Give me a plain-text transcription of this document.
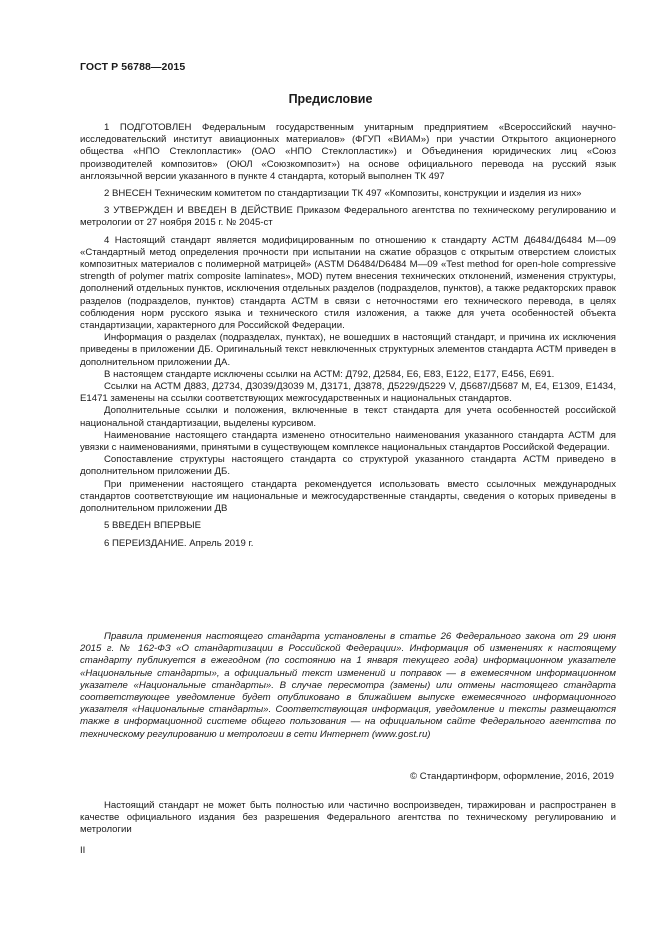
ГОСТ Р 56788—2015
Предисловие

1 ПОДГОТОВЛЕН Федеральным государственным унитарным предприятием «Всероссийский научно-исследовательский институт авиационных материалов» (ФГУП «ВИАМ») при участии Открытого акционерного общества «НПО Стеклопластик» (ОАО «НПО Стеклопластик») и Объединения юридических лиц «Союз производителей композитов» (ОЮЛ «Союзкомпозит») на основе официального перевода на русский язык англоязычной версии указанного в пункте 4 стандарта, который выполнен ТК 497

2 ВНЕСЕН Техническим комитетом по стандартизации ТК 497 «Композиты, конструкции и изделия из них»

3 УТВЕРЖДЕН И ВВЕДЕН В ДЕЙСТВИЕ Приказом Федерального агентства по техническому регулированию и метрологии от 27 ноября 2015 г. № 2045-ст

4 Настоящий стандарт является модифицированным по отношению к стандарту АСТМ Д6484/Д6484 М—09 «Стандартный метод определения прочности при испытании на сжатие образцов с открытым отверстием слоистых композитных материалов с полимерной матрицей» (ASTM D6484/D6484 M—09 «Test method for open-hole compressive strength of polymer matrix composite laminates», MOD) путем внесения технических отклонений, изменения структуры, дополнений отдельных пунктов, исключения отдельных разделов (подразделов, пунктов), а также редакторских правок разделов (подразделов, пунктов) стандарта АСТМ в связи с неточностями его технического перевода, в целях соблюдения норм русского языка и технического стиля изложения, а также для учета особенностей объекта стандартизации, характерного для Российской Федерации.

Информация о разделах (подразделах, пунктах), не вошедших в настоящий стандарт, и причина их исключения приведены в приложении ДБ. Оригинальный текст невключенных структурных элементов стандарта АСТМ приведен в дополнительном приложении ДА.

В настоящем стандарте исключены ссылки на АСТМ: Д792, Д2584, Е6, Е83, Е122, Е177, Е456, Е691.

Ссылки на АСТМ Д883, Д2734, Д3039/Д3039 М, Д3171, Д3878, Д5229/Д5229 V, Д5687/Д5687 М, Е4, Е1309, Е1434, Е1471 заменены на ссылки соответствующих межгосударственных и национальных стандартов.

Дополнительные ссылки и положения, включенные в текст стандарта для учета особенностей российской национальной стандартизации, выделены курсивом.

Наименование настоящего стандарта изменено относительно наименования указанного стандарта АСТМ для увязки с наименованиями, принятыми в существующем комплексе национальных стандартов Российской Федерации.

Сопоставление структуры настоящего стандарта со структурой указанного стандарта АСТМ приведено в дополнительном приложении ДБ.

При применении настоящего стандарта рекомендуется использовать вместо ссылочных международных стандартов соответствующие им национальные и межгосударственные стандарты, сведения о которых приведены в дополнительном приложении ДВ

5 ВВЕДЕН ВПЕРВЫЕ

6 ПЕРЕИЗДАНИЕ. Апрель 2019 г.

Правила применения настоящего стандарта установлены в статье 26 Федерального закона от 29 июня 2015 г. № 162-ФЗ «О стандартизации в Российской Федерации». Информация об изменениях к настоящему стандарту публикуется в ежегодном (по состоянию на 1 января текущего года) информационном указателе «Национальные стандарты», а официальный текст изменений и поправок — в ежемесячном информационном указателе «Национальные стандарты». В случае пересмотра (замены) или отмены настоящего стандарта соответствующее уведомление будет опубликовано в ближайшем выпуске ежемесячного информационного указателя «Национальные стандарты». Соответствующая информация, уведомление и тексты размещаются также в информационной системе общего пользования — на официальном сайте Федерального агентства по техническому регулированию и метрологии в сети Интернет (www.gost.ru)

© Стандартинформ, оформление, 2016, 2019

Настоящий стандарт не может быть полностью или частично воспроизведен, тиражирован и распространен в качестве официального издания без разрешения Федерального агентства по техническому регулированию и метрологии

II
